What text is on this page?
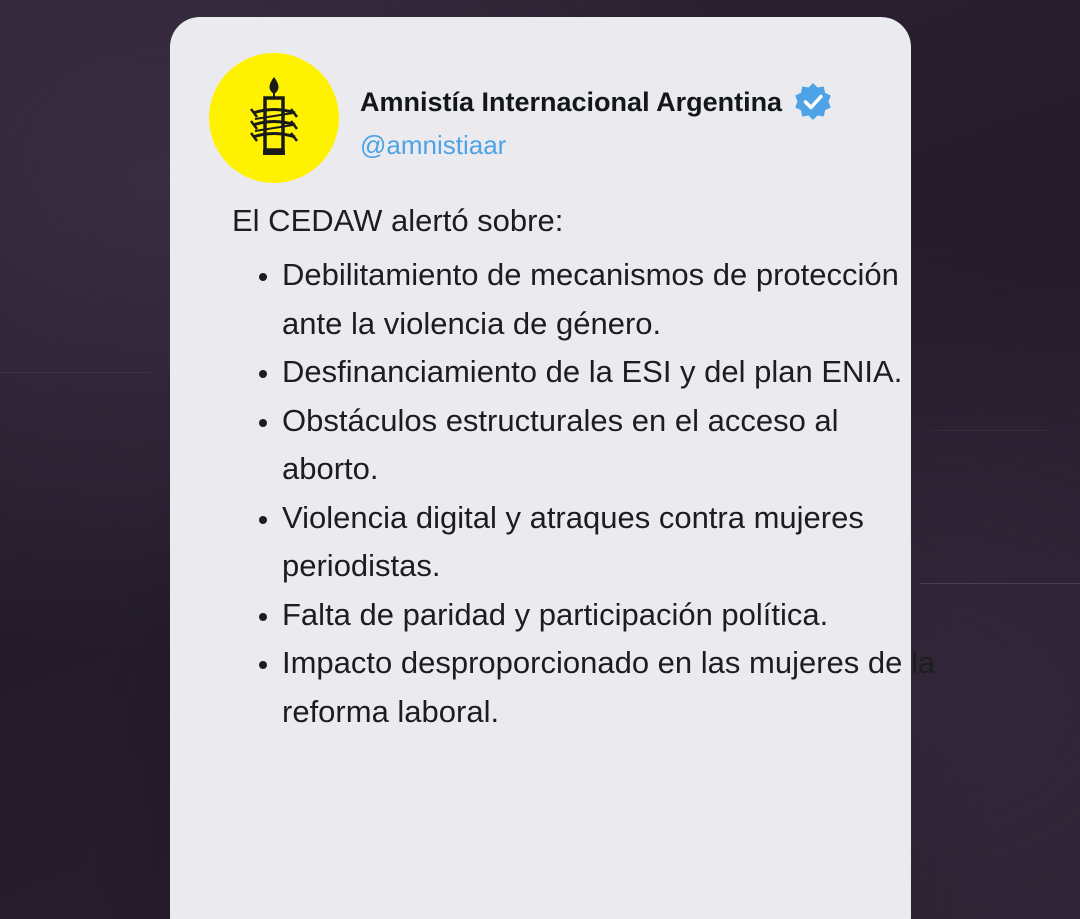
Amnistía Internacional Argentina
@amnistiaar
El CEDAW alertó sobre:
• Debilitamiento de mecanismos de protección ante la violencia de género.
• Desfinanciamiento de la ESI y del plan ENIA.
• Obstáculos estructurales en el acceso al aborto.
• Violencia digital y atraques contra mujeres periodistas.
• Falta de paridad y participación política.
• Impacto desproporcionado en las mujeres de la reforma laboral.
